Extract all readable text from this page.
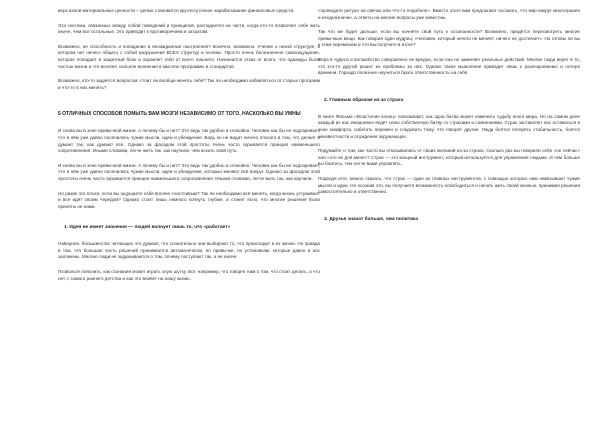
верх взяли материальные ценности – целью становится круглосуточное зарабатывание финансовых средств.

Эта система, связанных между собой поведений и принципов, распадается на части, когда кто-то позволяет себе жить иначе, чем все остальные. Это приводит к противоречиям и затратам.

Возможно, не способность и попадание в неожиданные настроения? Конечно, возможно. Учение о некой структуре, в котором нет ничего общего с собой разрушения ВСЕХ структур и основы. Просто очень болезненное самоощущение, которое попадает в защитный блок и охраняет тебя от всего лишнего. Начинается отказ от всего, что однажды было частью жизни и что вселяет сильное волнение в мыслях программы и стандартов.

Возможно, кто-то задается вопросом: стоит ли вообще менять себя? Так ли необходимо избавляться от старых программ и что-то в них менять?

5 ОТЛИЧНЫХ СПОСОБОВ ПОМЫТЬ ВАМ МОЗГИ НЕЗАВИСИМО ОТ ТОГО, НАСКОЛЬКО ВЫ УМНЫ

И снова вы в зоне привычной жизни. А почему бы и нет? Это ведь так удобно и спокойно. Человек как бы не подозревает, что в нём уже давно поселились чужие мысли, идеи и убеждения. Ведь он не видит ничего плохого в том, что делает и думает так, как думают все. Однако за фасадом этой простоты очень часто скрывается принцип наименьшего сопротивления. Иными словами, легче жить так, как научили, чем искать свой путь.

И снова вы в зоне привычной жизни. А почему бы и нет? Это ведь так удобно и спокойно. Человек как бы не подозревает, что в нём уже давно поселились чужие мысли, идеи и убеждения, которые меняют всё вокруг. Однако за фасадом этой простоты очень часто скрывается принцип наименьшего сопротивления. Иными словами, легче жить так, как научили.

Но разве это плохо, если вы ощущаете себя вполне счастливым? Так ли необходимо всё менять, когда жизнь устраивает и все идёт своим чередом? Однако стоит лишь немного копнуть глубже, и станет ясно, что многие решения были приняты не нами.

1. Идея не имеет значения — людей волнует лишь то, что «работает»

Наверное, большинство читающих это думают, что сознательно они выбирают то, что происходит в их жизни. Но правда в том, что большая часть решений принимается автоматически, по привычке, по установкам, которые давно в нас заложены. Многие люди не задумываются о том, почему поступают так, а не иначе.

Позвольте пояснить, как сознание может играть злую шутку. Вот, например, что говорят нам о том, что стоит делать, а что нет, с самого раннего детства и как это влияет на нашу жизнь.

«проводите ритуал на свечах или что-то подобное». Вместо этого вам предлагают осознать, что мир вокруг многогранен и неоднозначен, а ответы на многие вопросы уже известны.

Так что же будет дальше, если вы начнёте свой путь к осознанности? Возможно, придётся пересмотреть многие привычные вещи. Как говорил один мудрец: «Человек, который ничего не меняет, ничего не достигает». Но готовы ли вы к этим переменам и что вы получите в итоге?

Вера в чудеса и волшебство совершенно не вредна, если она не заменяет реальных действий. Многие люди верят в то, что кто-то другой решит их проблемы за них. Однако такое мышление приводит лишь к разочарованию и потере времени. Гораздо полезнее научиться брать ответственность на себя.

2. Главным образом из-за страха

В книге Фильма «Властелин колец» показывают, как одна битва может изменить судьбу всего мира. Но на самом деле каждый из нас ежедневно ведёт свою собственную битву со страхами и сомнениями. Страх заставляет нас оставаться в зоне комфорта, избегать перемен и следовать тому, что говорят другие. Люди боятся потерять стабильность, боятся неизвестности и осуждения окружающих.

Подумайте о том, как часто вы отказывались от своих желаний из-за страха. Сколько раз вы говорили себе «не сейчас» или «это не для меня»? Страх — это мощный инструмент, который используется для управления людьми. И чем больше вы боитесь, тем легче вами управлять.

Подводя итог, можно сказать, что страх — один из главных инструментов, с помощью которых нам навязывают чужие мысли и идеи. Но осознав это, вы получаете возможность освободиться и начать жить своей жизнью, принимая решения самостоятельно и ответственно.

3. Друзья значат больше, чем политика
